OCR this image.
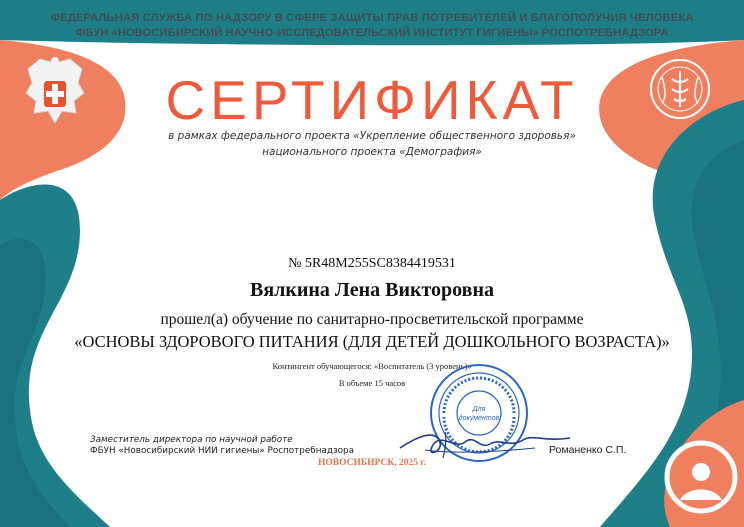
ФЕДЕРАЛЬНАЯ СЛУЖБА ПО НАДЗОРУ В СФЕРЕ ЗАЩИТЫ ПРАВ ПОТРЕБИТЕЛЕЙ И БЛАГОПОЛУЧИЯ ЧЕЛОВЕКА
ФБУН «НОВОСИБИРСКИЙ НАУЧНО-ИССЛЕДОВАТЕЛЬСКИЙ ИНСТИТУТ ГИГИЕНЫ» РОСПОТРЕБНАДЗОРА
СЕРТИФИКАТ
в рамках федерального проекта «Укрепление общественного здоровья»
национального проекта «Демография»
№ 5R48M255SC8384419531
Вялкина Лена Викторовна
прошел(а) обучение по санитарно-просветительской программе
«ОСНОВЫ ЗДОРОВОГО ПИТАНИЯ (ДЛЯ ДЕТЕЙ ДОШКОЛЬНОГО ВОЗРАСТА)»
Контингент обучающегося: «Воспитатель (3 уровень)»
В объеме 15 часов
Для
документов
Заместитель директора по научной работе
ФБУН «Новосибирский НИИ гигиены» Роспотребнадзора	Романенко С.П.
НОВОСИБИРСК, 2025 г.
